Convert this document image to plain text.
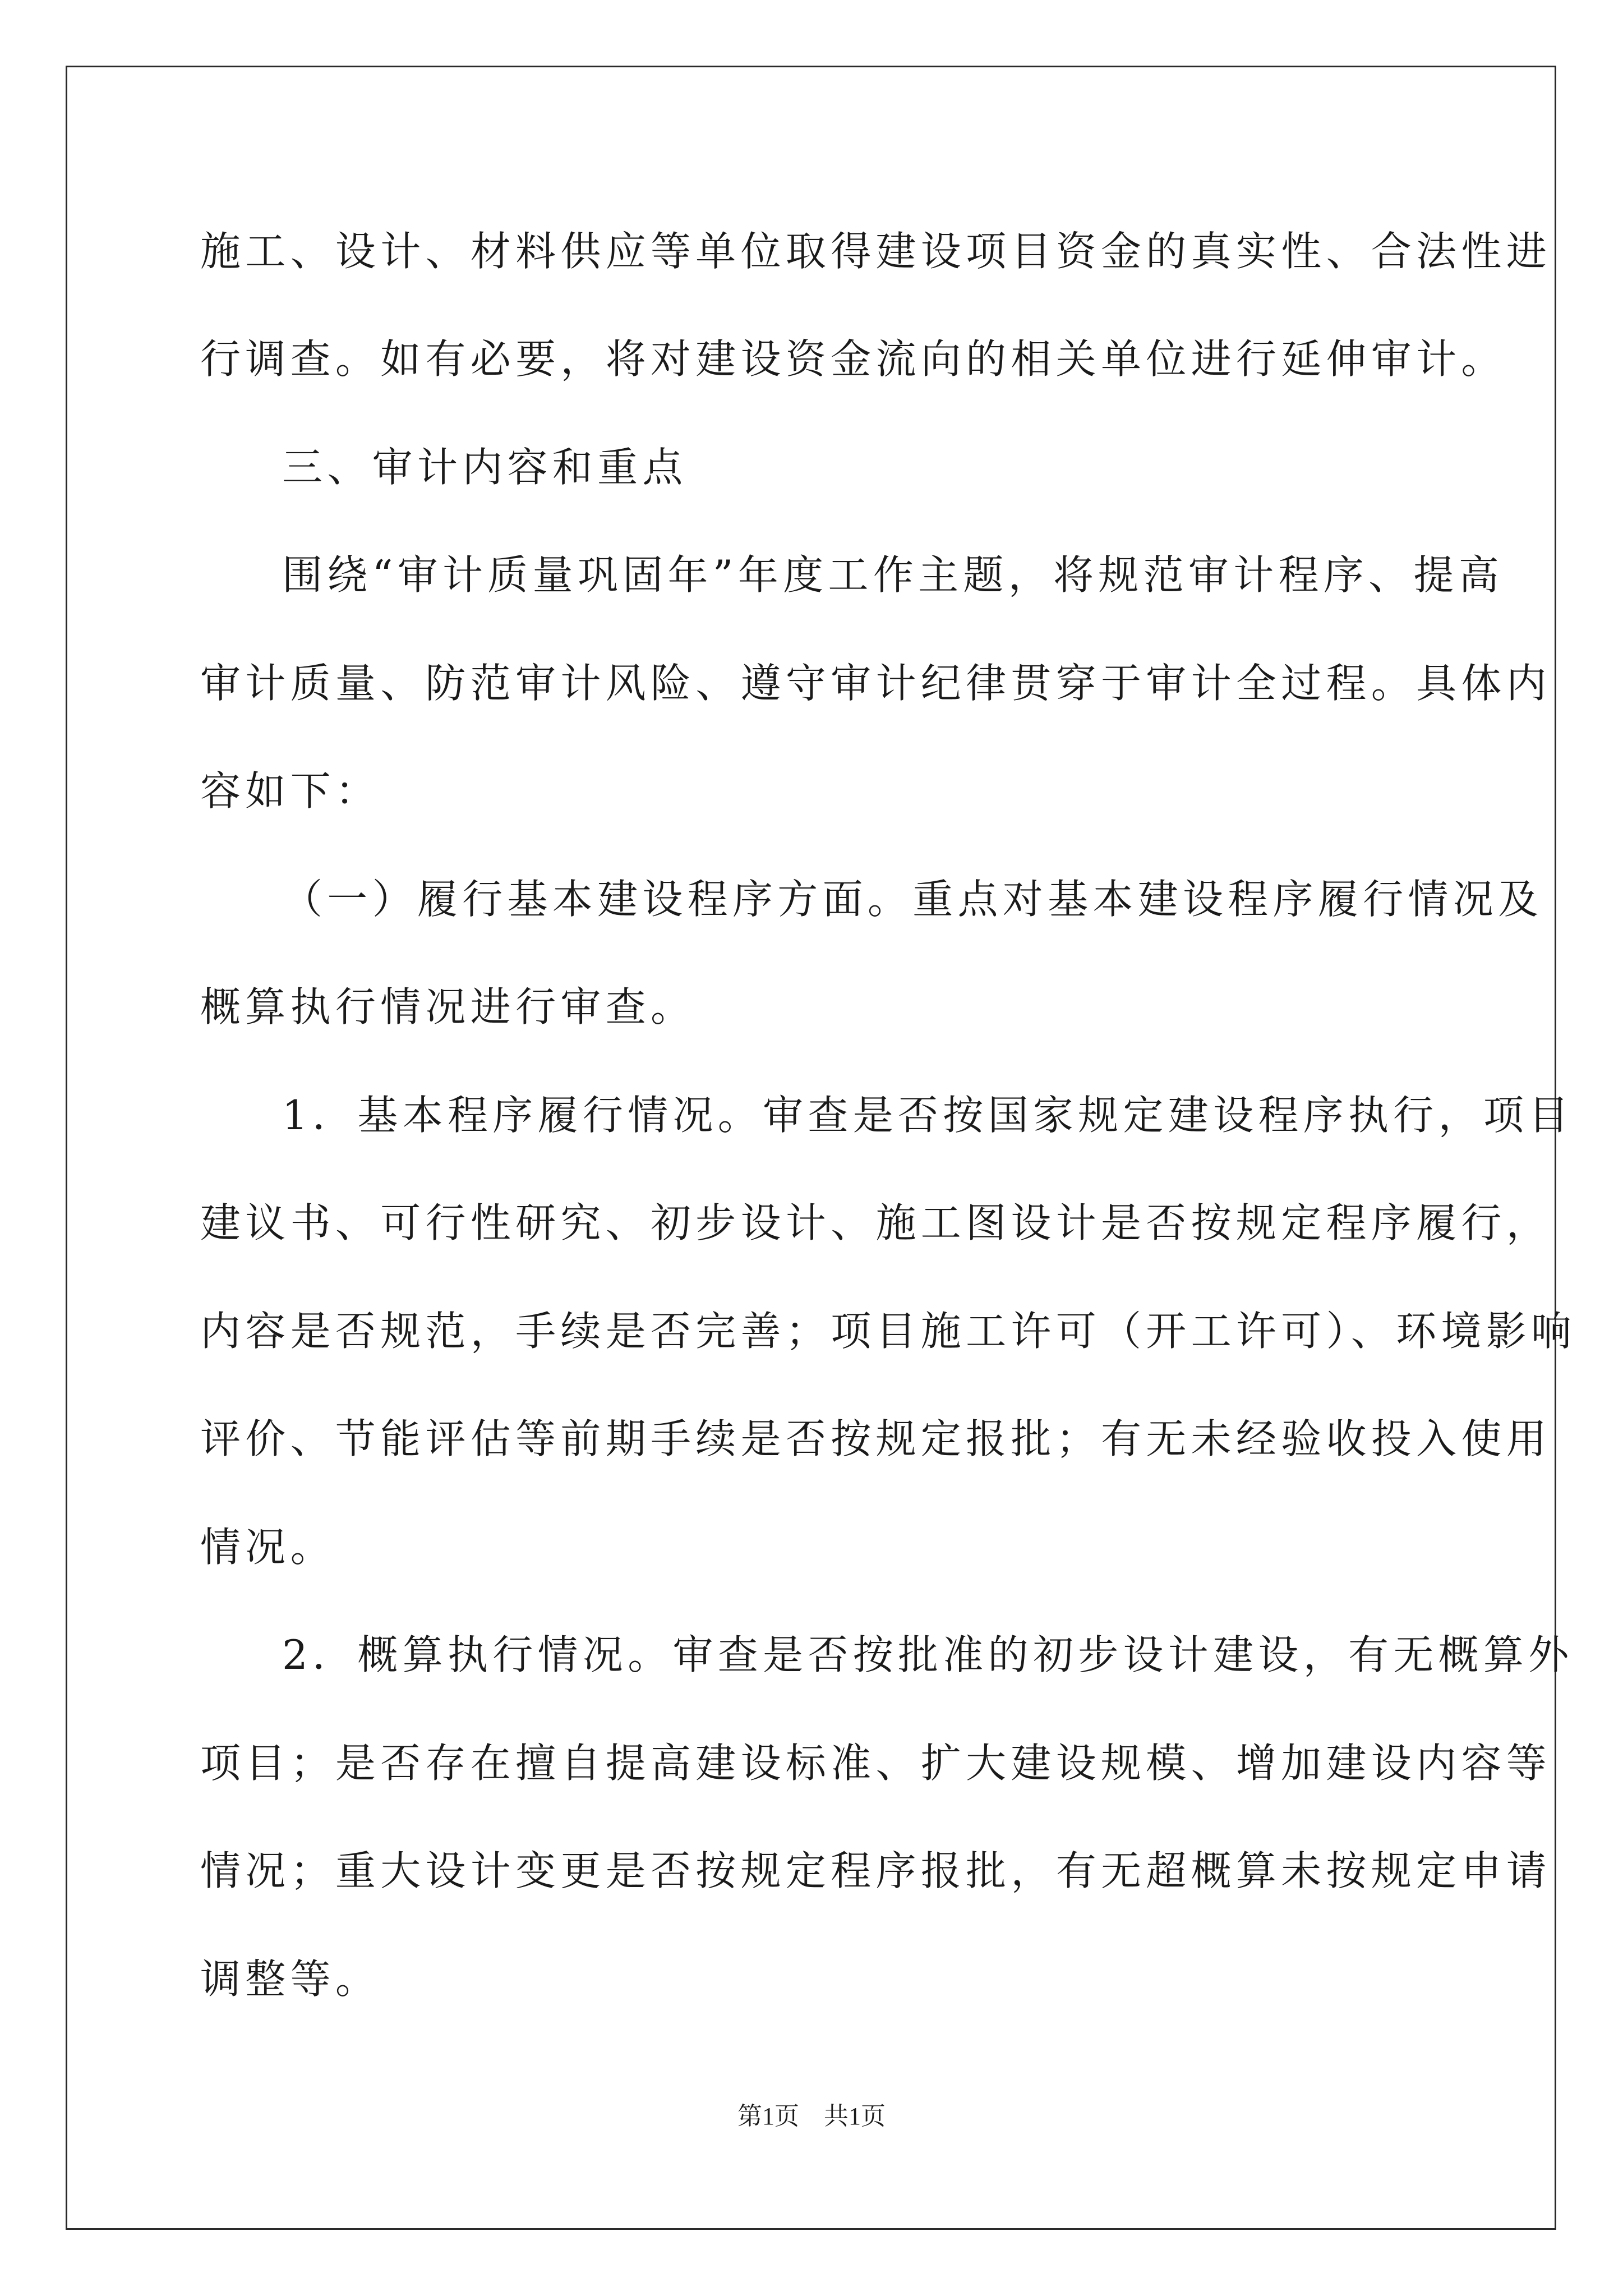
施工、设计、材料供应等单位取得建设项目资金的真实性、合法性进
行调查。如有必要，将对建设资金流向的相关单位进行延伸审计。
三、审计内容和重点
围绕“审计质量巩固年”年度工作主题，将规范审计程序、提高
审计质量、防范审计风险、遵守审计纪律贯穿于审计全过程。具体内
容如下：
（一）履行基本建设程序方面。重点对基本建设程序履行情况及
概算执行情况进行审查。
1．基本程序履行情况。审查是否按国家规定建设程序执行，项目
建议书、可行性研究、初步设计、施工图设计是否按规定程序履行，
内容是否规范，手续是否完善；项目施工许可（开工许可）、环境影响
评价、节能评估等前期手续是否按规定报批；有无未经验收投入使用
情况。
2．概算执行情况。审查是否按批准的初步设计建设，有无概算外
项目；是否存在擅自提高建设标准、扩大建设规模、增加建设内容等
情况；重大设计变更是否按规定程序报批，有无超概算未按规定申请
调整等。
第1页　共1页
